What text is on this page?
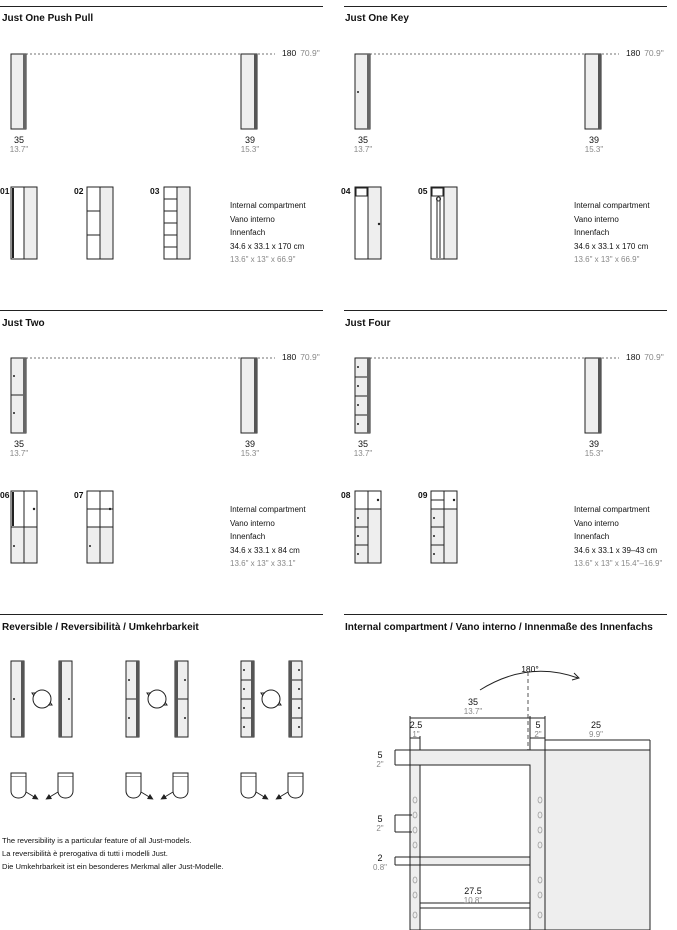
Just One Push Pull	Just One Key
Just Two	Just Four
Reversible / Reversibilità / Umkehrbarkeit	Internal compartment / Vano interno / Innenmaße des Innenfachs
180 70.9"
35
13.7"
39
15.3"
01	02	03
Internal compartment
Vano interno
Innenfach
34.6 x 33.1 x 170 cm
13.6" x 13" x 66.9"
180 70.9"
35
13.7"
39
15.3"
04	05
Internal compartment
Vano interno
Innenfach
34.6 x 33.1 x 170 cm
13.6" x 13" x 66.9"
180 70.9"
35
13.7"
39
15.3"
06	07
Internal compartment
Vano interno
Innenfach
34.6 x 33.1 x 84 cm
13.6" x 13" x 33.1"
180 70.9"
35
13.7"
39
15.3"
08	09
Internal compartment
Vano interno
Innenfach
34.6 x 33.1 x 39–43 cm
13.6" x 13" x 15.4"–16.9"
The reversibility is a particular feature of all Just-models.
La reversibilità è prerogativa di tutti i modelli Just.
Die Umkehrbarkeit ist ein besonderes Merkmal aller Just-Modelle.
180°
35
13.7"
2.5
1"
5
2"
25
9.9"
5
2"
5
2"
2
0.8"
27.5
10.8"
